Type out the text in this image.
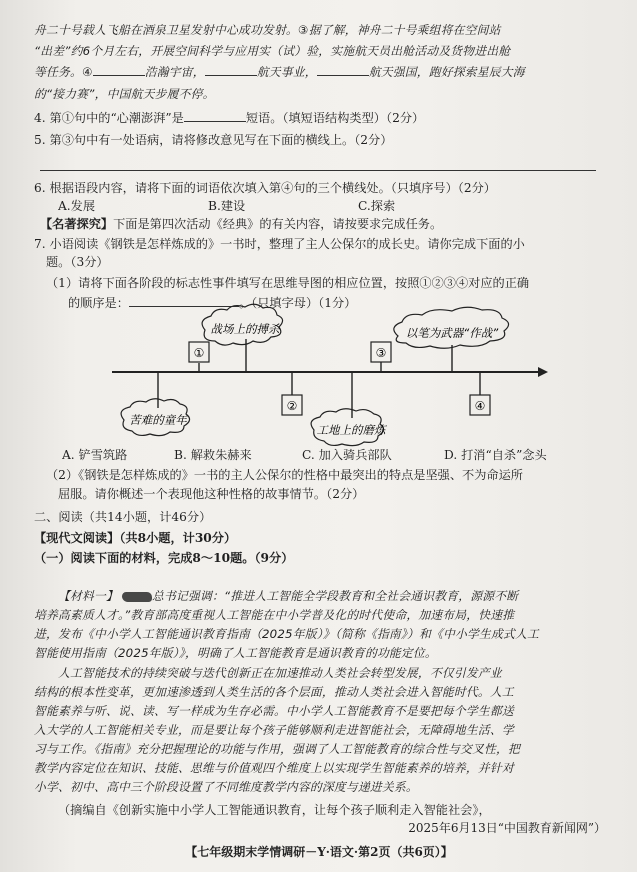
舟二十号载人飞船在酒泉卫星发射中心成功发射。③据了解，神舟二十号乘组将在空间站
“出差”约6个月左右，开展空间科学与应用实（试）验，实施航天员出舱活动及货物进出舱
等任务。④	浩瀚宇宙，	航天事业，	航天强国，跑好探索星辰大海
的“接力赛”，中国航天步履不停。
4. 第①句中的“心潮澎湃”是	短语。（填短语结构类型）（2分）
5. 第③句中有一处语病，请将修改意见写在下面的横线上。（2分）
6. 根据语段内容，请将下面的词语依次填入第④句的三个横线处。（只填序号）（2分）
A.发展	B.建设	C.探索
【名著探究】下面是第四次活动《经典》的有关内容，请按要求完成任务。
7. 小语阅读《钢铁是怎样炼成的》一书时，整理了主人公保尔的成长史。请你完成下面的小
题。（3分）
（1）请将下面各阶段的标志性事件填写在思维导图的相应位置，按照①②③④对应的正确
的顺序是：	。（只填字母）（1分）
①
②
③
④
战场上的搏杀	以笔为武器“作战”
苦难的童年
工地上的磨炼
A. 铲雪筑路	B. 解救朱赫来	C. 加入骑兵部队	D. 打消“自杀”念头
（2）《钢铁是怎样炼成的》一书的主人公保尔的性格中最突出的特点是坚强、不为命运所
屈服。请你概述一个表现他这种性格的故事情节。（2分）
二、阅读（共14小题，计46分）
【现代文阅读】（共8小题，计30分）
（一）阅读下面的材料，完成8～10题。（9分）
【材料一】	总书记强调：“推进人工智能全学段教育和全社会通识教育，源源不断
培养高素质人才。”教育部高度重视人工智能在中小学普及化的时代使命，加速布局，快速推
进，发布《中小学人工智能通识教育指南（2025年版）》（简称《指南》）和《中小学生成式人工
智能使用指南（2025年版）》，明确了人工智能教育是通识教育的功能定位。
人工智能技术的持续突破与迭代创新正在加速推动人类社会转型发展，不仅引发产业
结构的根本性变革，更加速渗透到人类生活的各个层面，推动人类社会进入智能时代。人工
智能素养与听、说、读、写一样成为生存必需。中小学人工智能教育不是要把每个学生都送
入大学的人工智能相关专业，而是要让每个孩子能够顺利走进智能社会，无障碍地生活、学
习与工作。《指南》充分把握理论的功能与作用，强调了人工智能教育的综合性与交叉性，把
教学内容定位在知识、技能、思维与价值观四个维度上以实现学生智能素养的培养，并针对
小学、初中、高中三个阶段设置了不同维度教学内容的深度与递进关系。
（摘编自《创新实施中小学人工智能通识教育，让每个孩子顺利走入智能社会》，
【七年级期末学情调研－Y·语文·第2页（共6页）】
2025年6月13日“中国教育新闻网”）
